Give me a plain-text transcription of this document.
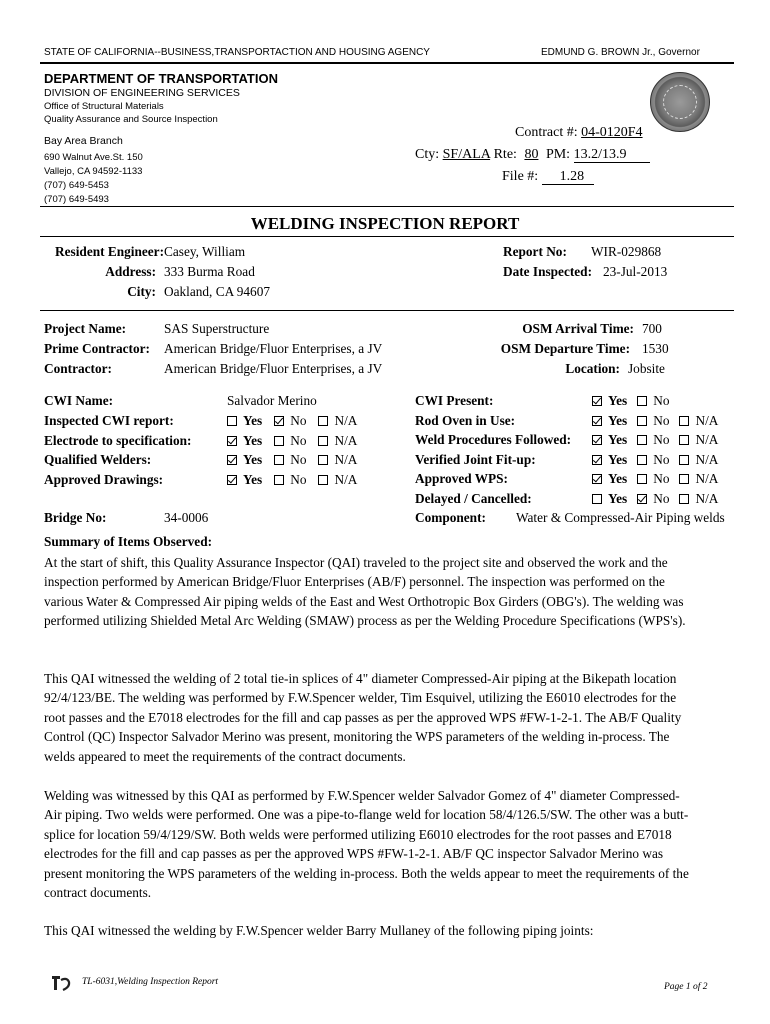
STATE OF CALIFORNIA--BUSINESS,TRANSPORTACTION AND HOUSING AGENCY	EDMUND G. BROWN Jr., Governor
DEPARTMENT OF TRANSPORTATION
DIVISION OF ENGINEERING SERVICES
Office of Structural Materials
Quality Assurance and Source Inspection
Bay Area Branch
690 Walnut Ave.St. 150
Vallejo, CA 94592-1133
(707) 649-5453
(707) 649-5493
Contract #: 04-0120F4
Cty: SF/ALA Rte: 80 PM: 13.2/13.9
File #: 1.28
WELDING INSPECTION REPORT
Resident Engineer: Casey, William
Address: 333 Burma Road
City: Oakland, CA 94607
Report No: WIR-029868
Date Inspected: 23-Jul-2013
Project Name:	SAS Superstructure
Prime Contractor: American Bridge/Fluor Enterprises, a JV
Contractor:	American Bridge/Fluor Enterprises, a JV
OSM Arrival Time: 700
OSM Departure Time: 1530
Location: Jobsite
CWI Name:	Salvador Merino
Inspected CWI report:	Yes No N/A
Electrode to specification:	Yes No N/A
Qualified Welders:	Yes No N/A
Approved Drawings:	Yes No N/A
CWI Present:	Yes No
Rod Oven in Use:	Yes No N/A
Weld Procedures Followed:	Yes No N/A
Verified Joint Fit-up:	Yes No N/A
Approved WPS:	Yes No N/A
Delayed / Cancelled:	Yes No N/A
Bridge No:	34-0006	Component: Water & Compressed-Air Piping welds
Summary of Items Observed:
At the start of shift, this Quality Assurance Inspector (QAI) traveled to the project site and observed the work and the inspection performed by American Bridge/Fluor Enterprises (AB/F) personnel. The inspection was performed on the various Water & Compressed Air piping welds of the East and West Orthotropic Box Girders (OBG's). The welding was performed utilizing Shielded Metal Arc Welding (SMAW) process as per the Welding Procedure Specifications (WPS's).
This QAI witnessed the welding of 2 total tie-in splices of 4" diameter Compressed-Air piping at the Bikepath location 92/4/123/BE. The welding was performed by F.W.Spencer welder, Tim Esquivel, utilizing the E6010 electrodes for the root passes and the E7018 electrodes for the fill and cap passes as per the approved WPS #FW-1-2-1. The AB/F Quality Control (QC) Inspector Salvador Merino was present, monitoring the WPS parameters of the welding in-process. The welds appeared to meet the requirements of the contract documents.
Welding was witnessed by this QAI as performed by F.W.Spencer welder Salvador Gomez of 4" diameter Compressed-Air piping. Two welds were performed. One was a pipe-to-flange weld for location 58/4/126.5/SW. The other was a butt-splice for location 59/4/129/SW. Both welds were performed utilizing E6010 electrodes for the root passes and E7018 electrodes for the fill and cap passes as per the approved WPS #FW-1-2-1. AB/F QC inspector Salvador Merino was present monitoring the WPS parameters of the welding in-process. Both the welds appear to meet the requirements of the contract documents.
This QAI witnessed the welding by F.W.Spencer welder Barry Mullaney of the following piping joints:
TL-6031,Welding Inspection Report	Page 1 of 2
